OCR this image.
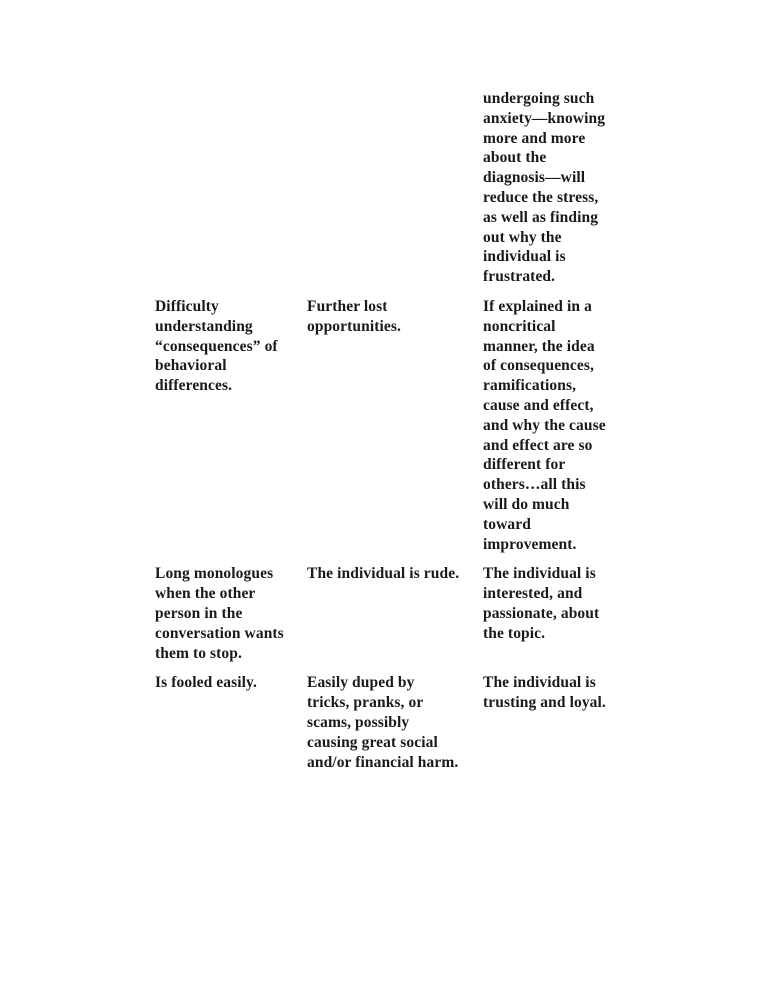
undergoing such
anxiety—knowing
more and more
about the
diagnosis—will
reduce the stress,
as well as finding
out why the
individual is
frustrated.
Difficulty
understanding
“consequences” of
behavioral
differences.
Further lost
opportunities.
If explained in a
noncritical
manner, the idea
of consequences,
ramifications,
cause and effect,
and why the cause
and effect are so
different for
others…all this
will do much
toward
improvement.
Long monologues
when the other
person in the
conversation wants
them to stop.
The individual is rude.	The individual is
interested, and
passionate, about
the topic.
Is fooled easily.	Easily duped by
tricks, pranks, or
scams, possibly
causing great social
and/or financial harm.
The individual is
trusting and loyal.
